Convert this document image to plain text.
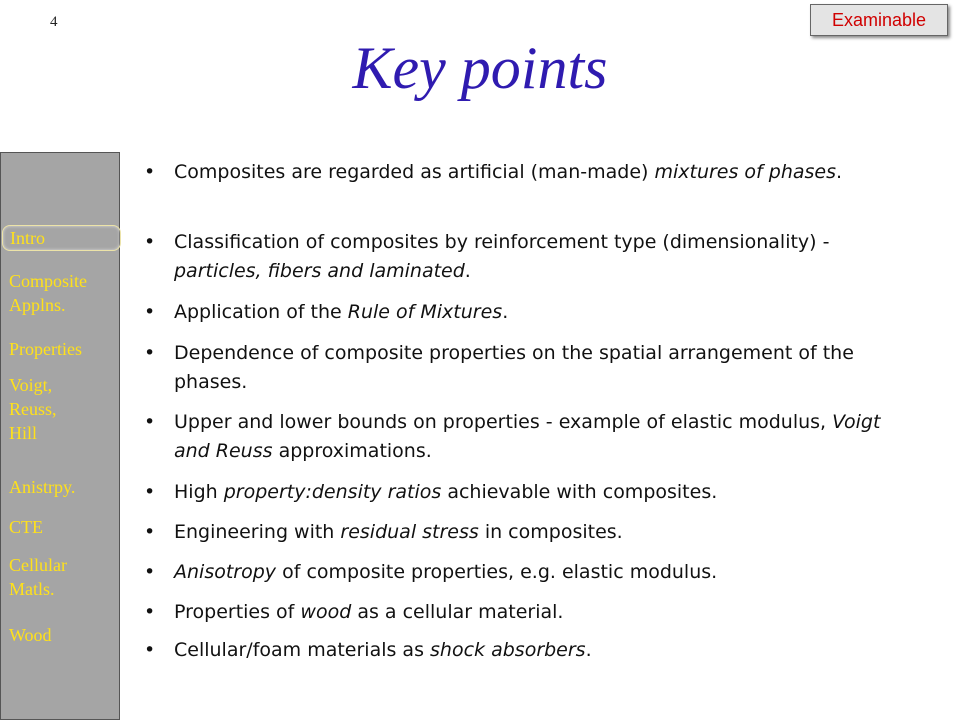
4	Examinable
Key points
Intro
Composite
Applns.
Properties
Voigt,
Reuss,
Hill
Anistrpy.
CTE
Cellular
Matls.
Wood
• Composites are regarded as artificial (man-made) mixtures of phases.
• Classification of composites by reinforcement type (dimensionality) - particles, fibers and laminated.
• Application of the Rule of Mixtures.
• Dependence of composite properties on the spatial arrangement of the phases.
• Upper and lower bounds on properties - example of elastic modulus, Voigt and Reuss approximations.
• High property:density ratios achievable with composites.
• Engineering with residual stress in composites.
• Anisotropy of composite properties, e.g. elastic modulus.
• Properties of wood as a cellular material.
• Cellular/foam materials as shock absorbers.
